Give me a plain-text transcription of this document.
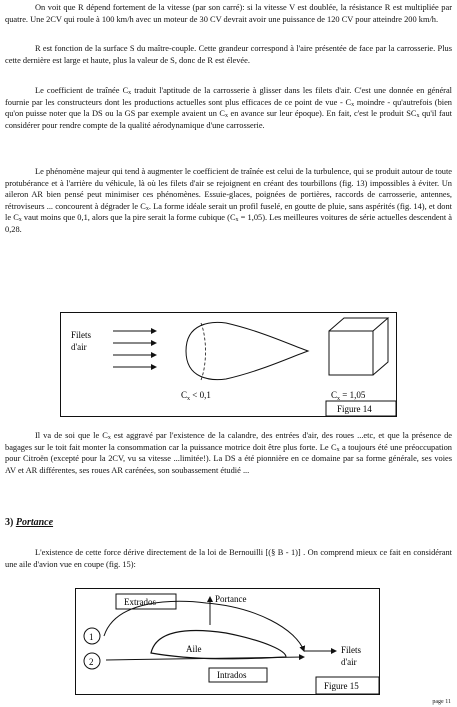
On voit que R dépend fortement de la vitesse (par son carré): si la vitesse V est doublée, la résistance R est multipliée par quatre. Une 2CV qui roule à 100 km/h avec un moteur de 30 CV devrait avoir une puissance de 120 CV pour atteindre 200 km/h.

R est fonction de la surface S du maître-couple. Cette grandeur correspond à l'aire présentée de face par la carrosserie. Plus cette dernière est large et haute, plus la valeur de S, donc de R est élevée.

Le coefficient de traînée $C_x$ traduit l'aptitude de la carrosserie à glisser dans les filets d'air. C'est une donnée en général fournie par les constructeurs dont les productions actuelles sont plus efficaces de ce point de vue - $C_x$ moindre - qu'autrefois (bien qu'on puisse noter que la DS ou la GS par exemple avaient un $C_x$ en avance sur leur époque). En fait, c'est le produit $SC_x$ qu'il faut considérer pour rendre compte de la qualité aérodynamique d'une carrosserie.

Le phénomène majeur qui tend à augmenter le coefficient de traînée est celui de la turbulence, qui se produit autour de toute protubérance et à l'arrière du véhicule, là où les filets d'air se rejoignent en créant des tourbillons (fig. 13) impossibles à éviter. Un aileron AR bien pensé peut minimiser ces phénomènes. Essuie-glaces, poignées de portières, raccords de carrosserie, antennes, rétroviseurs ... concourent à dégrader le $C_x$. La forme idéale serait un profil fuselé, en goutte de pluie, sans aspérités (fig. 14), et dont le $C_x$ vaut moins que 0,1, alors que la pire serait la forme cubique $(C_x = 1,05)$. Les meilleures voitures de série actuelles descendent à 0,28.

Filets
d'air
$C_x < 0,1$	$C_x = 1,05$
Figure 14

Il va de soi que le $C_x$ est aggravé par l'existence de la calandre, des entrées d'air, des roues ...etc, et que la présence de bagages sur le toit fait monter la consommation car la puissance motrice doit être plus forte. Le $C_x$ a toujours été une préoccupation pour Citroën (excepté pour la 2CV, vu sa vitesse ...limitée!). La DS a été pionnière en ce domaine par sa forme générale, ses voies AV et AR différentes, ses roues AR carénées, son soubassement étudié ...

3) Portance

L'existence de cette force dérive directement de la loi de Bernouilli [(§ B - 1)] . On comprend mieux ce fait en considérant une aile d'avion vue en coupe (fig. 15):

Extrados	Portance
Aile
1
2
Intrados
Filets
d'air
Figure 15
page 11
